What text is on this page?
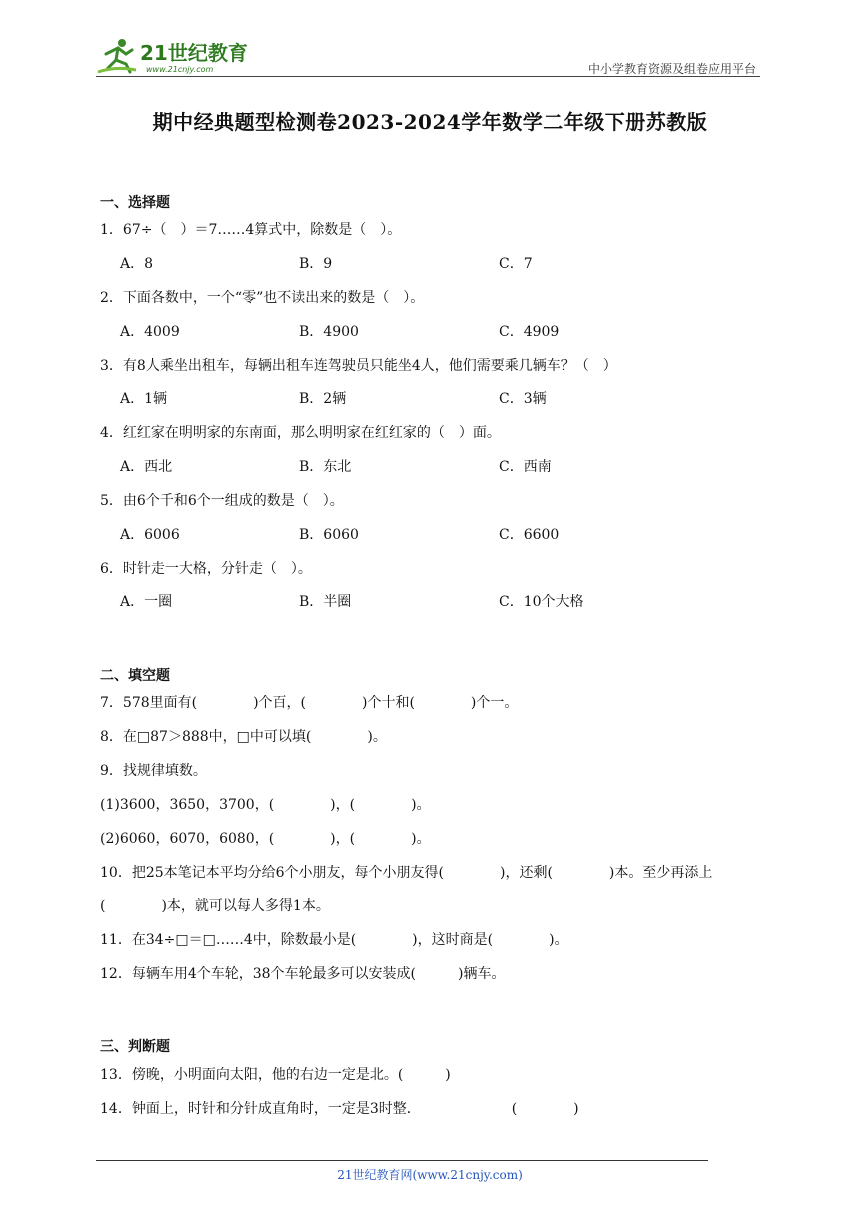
21世纪教育
www.21cnjy.com	中小学教育资源及组卷应用平台
期中经典题型检测卷2023-2024学年数学二年级下册苏教版
一、选择题
1．67÷（　）＝7……4算式中，除数是（　）。
A．8	B．9	C．7
2．下面各数中，一个“零”也不读出来的数是（　）。
A．4009	B．4900	C．4909
3．有8人乘坐出租车，每辆出租车连驾驶员只能坐4人，他们需要乘几辆车？（　）
A．1辆	B．2辆	C．3辆
4．红红家在明明家的东南面，那么明明家在红红家的（　）面。
A．西北	B．东北	C．西南
5．由6个千和6个一组成的数是（　）。
A．6006	B．6060	C．6600
6．时针走一大格，分针走（　）。
A．一圈	B．半圈	C．10个大格
二、填空题
7．578里面有(　　　　)个百，(　　　　)个十和(　　　　)个一。
8．在□87＞888中，□中可以填(　　　　)。
9．找规律填数。
(1)3600，3650，3700，(　　　　)，(　　　　)。
(2)6060，6070，6080，(　　　　)，(　　　　)。
10．把25本笔记本平均分给6个小朋友，每个小朋友得(　　　　)，还剩(　　　　)本。至少再添上
(　　　　)本，就可以每人多得1本。
11．在34÷□＝□……4中，除数最小是(　　　　)，这时商是(　　　　)。
12．每辆车用4个车轮，38个车轮最多可以安装成(　　　)辆车。
三、判断题
13．傍晚，小明面向太阳，他的右边一定是北。(　　　)
14．钟面上，时针和分针成直角时，一定是3时整．　　　　　　　(　　　　)
21世纪教育网(www.21cnjy.com)
